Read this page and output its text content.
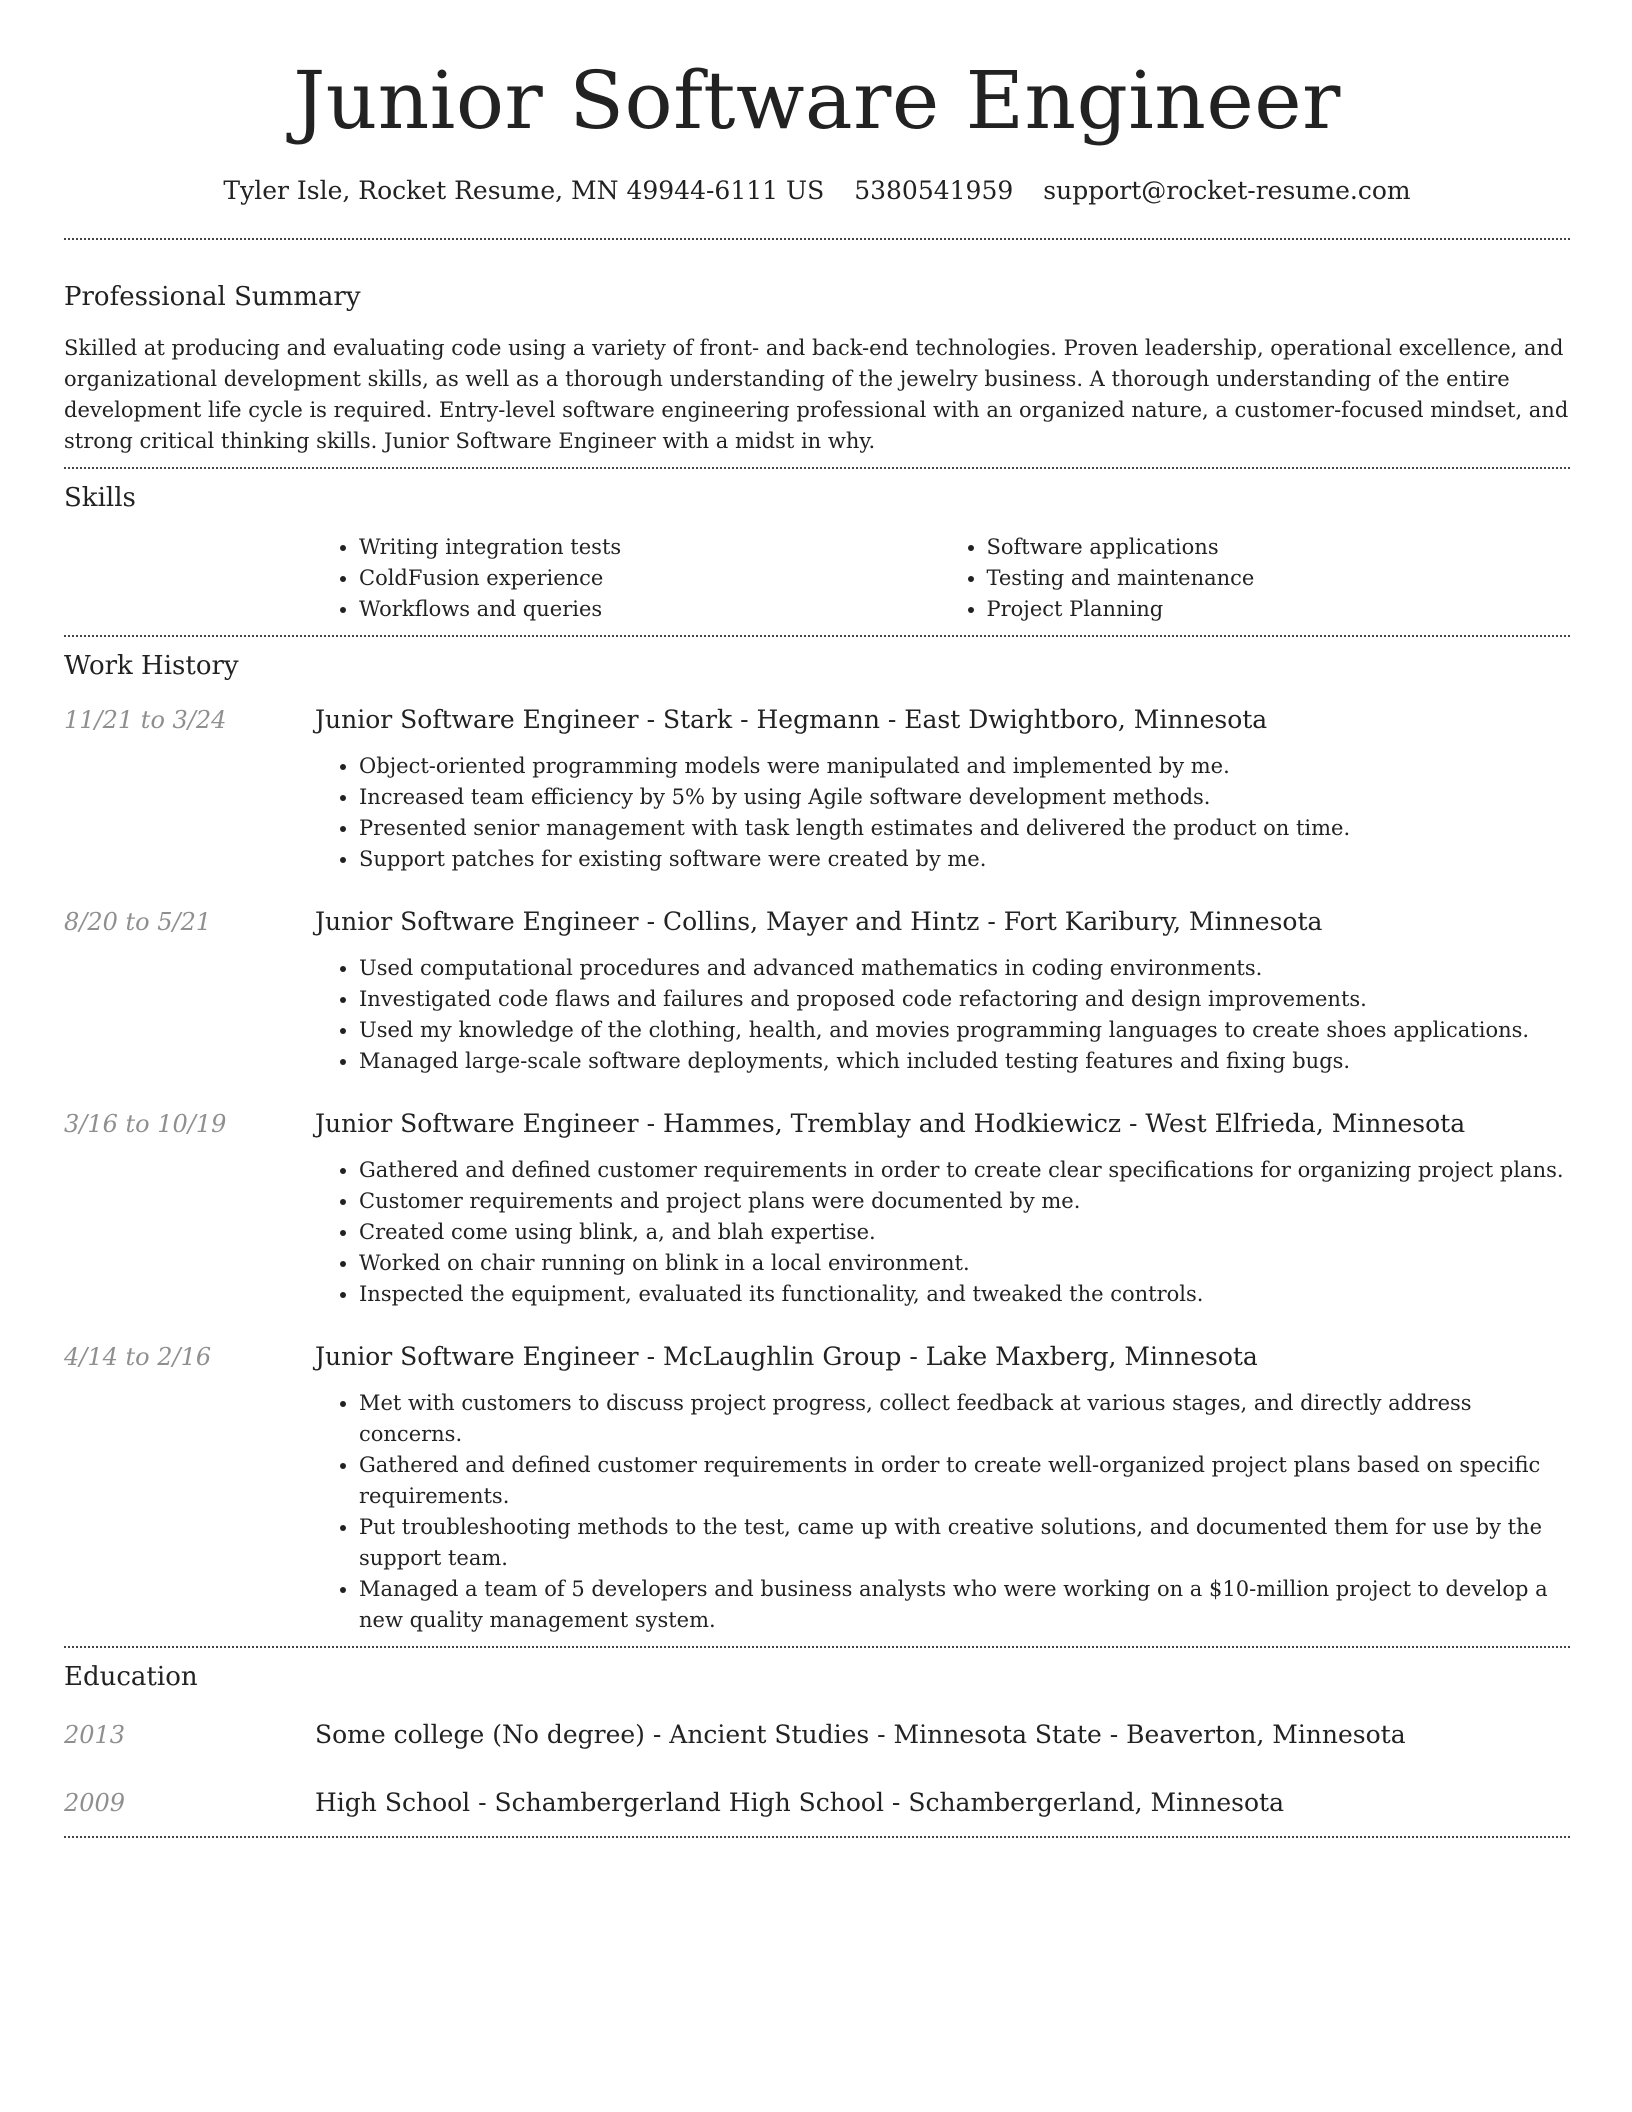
Junior Software Engineer
Tyler Isle, Rocket Resume, MN 49944-6111 US 5380541959 support@rocket-resume.com
Professional Summary

Skilled at producing and evaluating code using a variety of front- and back-end technologies. Proven leadership, operational excellence, and organizational development skills, as well as a thorough understanding of the jewelry business. A thorough understanding of the entire development life cycle is required. Entry-level software engineering professional with an organized nature, a customer-focused mindset, and strong critical thinking skills. Junior Software Engineer with a midst in why.

Skills
• Writing integration tests
• ColdFusion experience
• Workflows and queries
• Software applications
• Testing and maintenance
• Project Planning
Work History
11/21 to 3/24	Junior Software Engineer - Stark - Hegmann - East Dwightboro, Minnesota
• Object-oriented programming models were manipulated and implemented by me.
• Increased team efficiency by 5% by using Agile software development methods.
• Presented senior management with task length estimates and delivered the product on time.
• Support patches for existing software were created by me.
8/20 to 5/21	Junior Software Engineer - Collins, Mayer and Hintz - Fort Karibury, Minnesota
• Used computational procedures and advanced mathematics in coding environments.
• Investigated code flaws and failures and proposed code refactoring and design improvements.
• Used my knowledge of the clothing, health, and movies programming languages to create shoes applications.
• Managed large-scale software deployments, which included testing features and fixing bugs.
3/16 to 10/19	Junior Software Engineer - Hammes, Tremblay and Hodkiewicz - West Elfrieda, Minnesota
• Gathered and defined customer requirements in order to create clear specifications for organizing project plans.
• Customer requirements and project plans were documented by me.
• Created come using blink, a, and blah expertise.
• Worked on chair running on blink in a local environment.
• Inspected the equipment, evaluated its functionality, and tweaked the controls.
4/14 to 2/16	Junior Software Engineer - McLaughlin Group - Lake Maxberg, Minnesota
• Met with customers to discuss project progress, collect feedback at various stages, and directly address concerns.
• Gathered and defined customer requirements in order to create well-organized project plans based on specific requirements.
• Put troubleshooting methods to the test, came up with creative solutions, and documented them for use by the support team.
• Managed a team of 5 developers and business analysts who were working on a $10-million project to develop a new quality management system.
Education
2013	Some college (No degree) - Ancient Studies - Minnesota State - Beaverton, Minnesota
2009	High School - Schambergerland High School - Schambergerland, Minnesota
